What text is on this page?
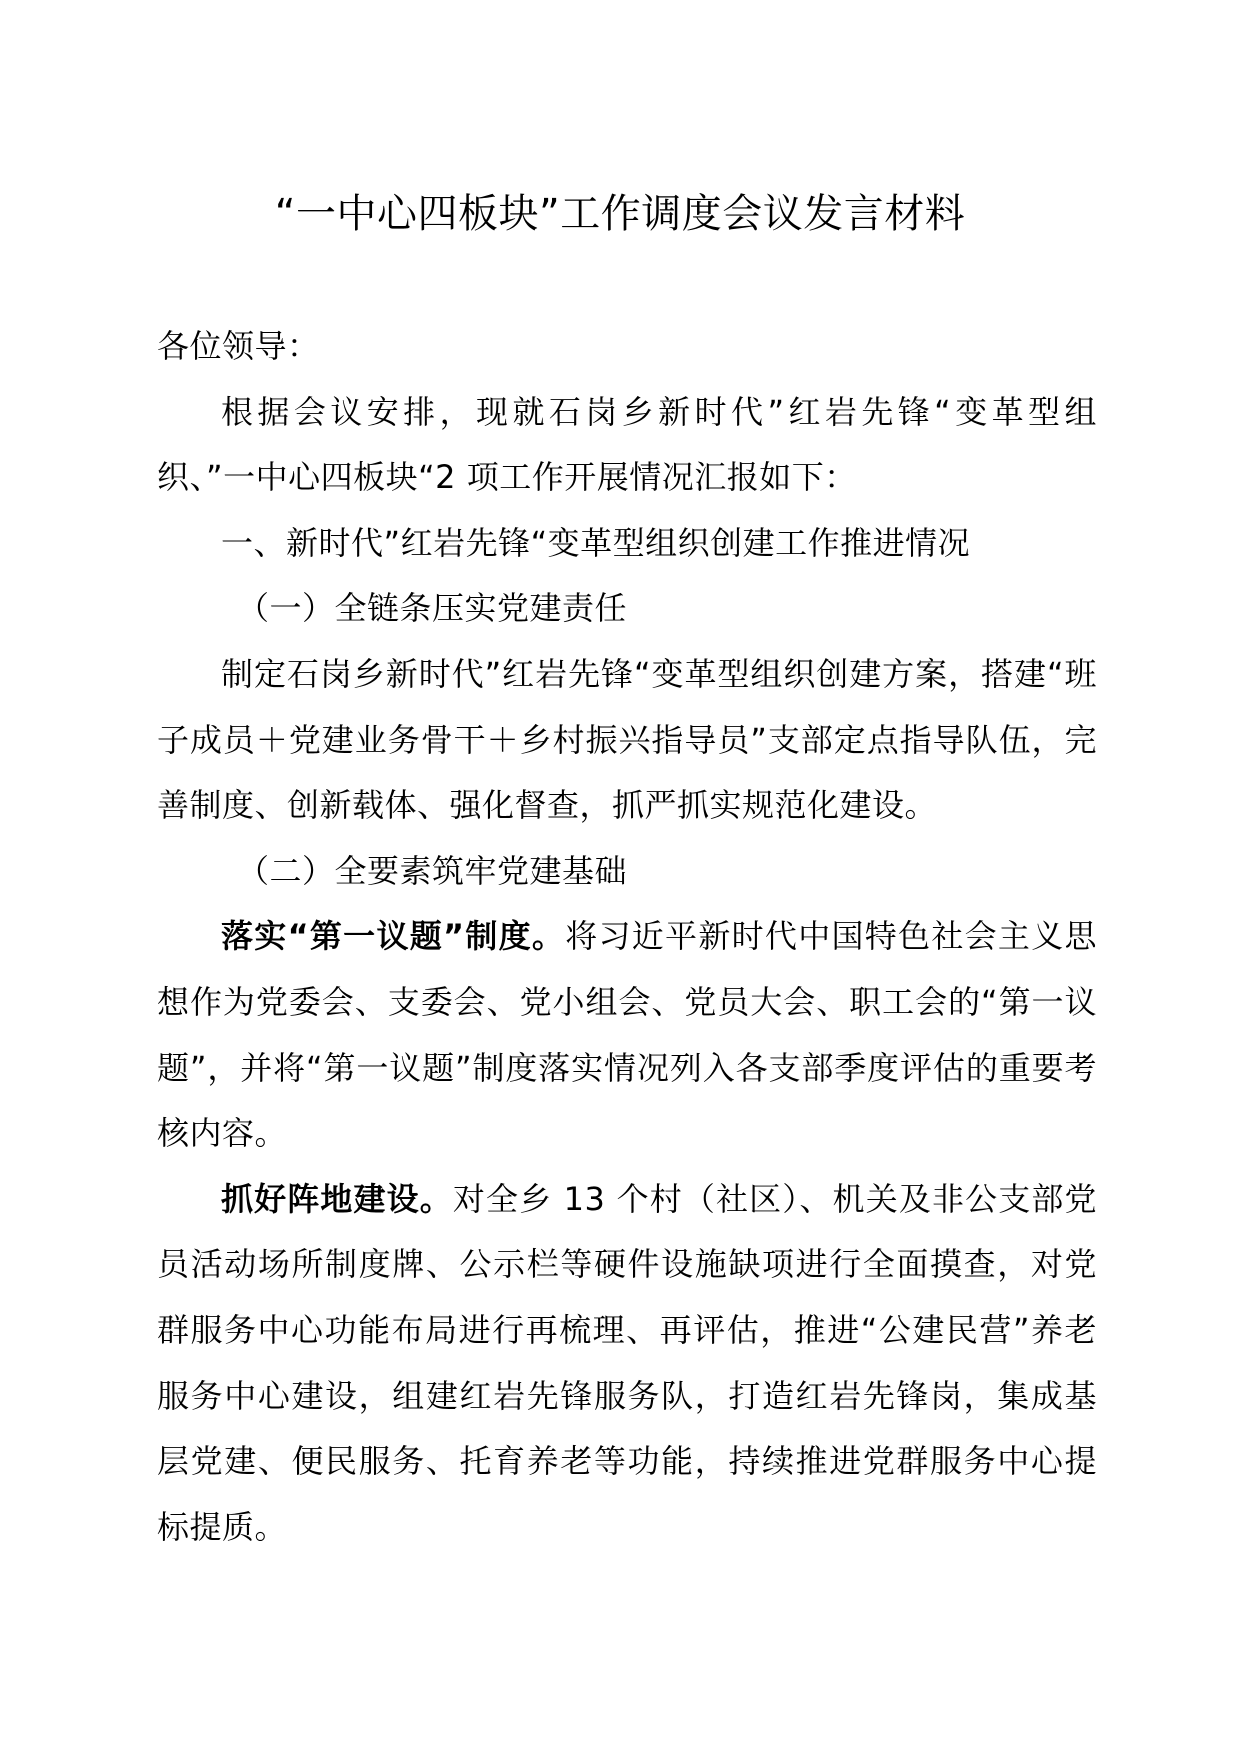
“一中心四板块”工作调度会议发言材料

各位领导：

根据会议安排，现就石岗乡新时代”红岩先锋“变革型组织、”一中心四板块“2 项工作开展情况汇报如下：

一、新时代”红岩先锋“变革型组织创建工作推进情况

（一）全链条压实党建责任

制定石岗乡新时代”红岩先锋“变革型组织创建方案，搭建“班子成员＋党建业务骨干＋乡村振兴指导员”支部定点指导队伍，完善制度、创新载体、强化督查，抓严抓实规范化建设。

（二）全要素筑牢党建基础

落实“第一议题”制度。将习近平新时代中国特色社会主义思想作为党委会、支委会、党小组会、党员大会、职工会的“第一议题”，并将“第一议题”制度落实情况列入各支部季度评估的重要考核内容。

抓好阵地建设。对全乡 13 个村（社区）、机关及非公支部党员活动场所制度牌、公示栏等硬件设施缺项进行全面摸查，对党群服务中心功能布局进行再梳理、再评估，推进“公建民营”养老服务中心建设，组建红岩先锋服务队，打造红岩先锋岗，集成基层党建、便民服务、托育养老等功能，持续推进党群服务中心提标提质。
